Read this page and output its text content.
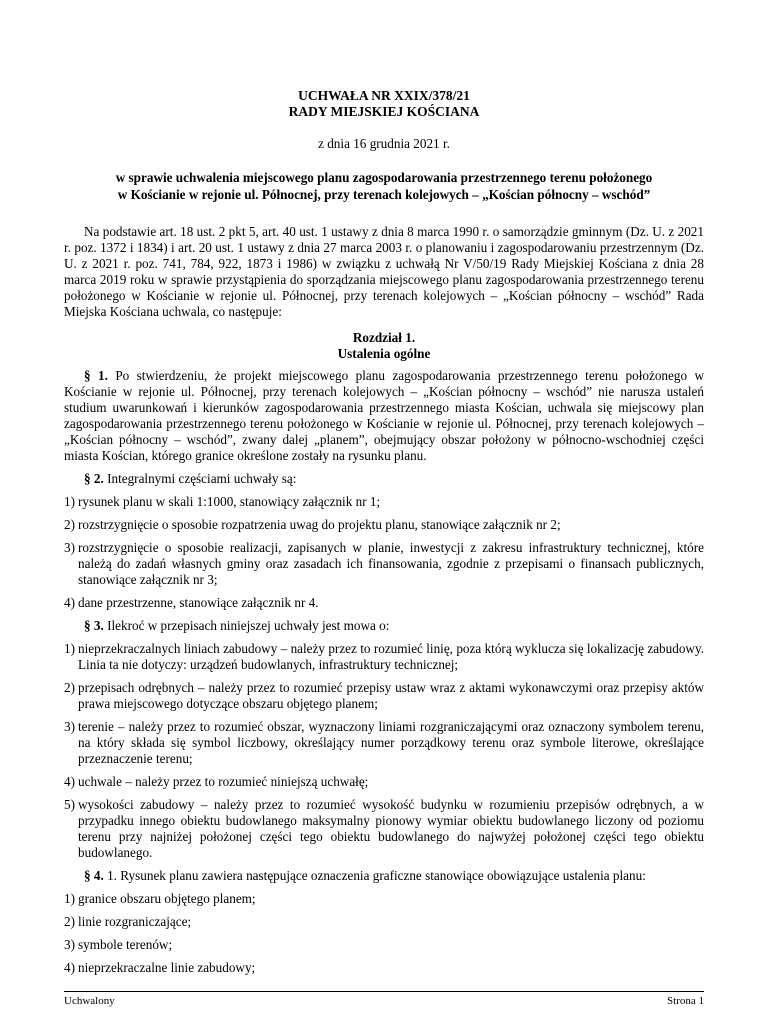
UCHWAŁA NR XXIX/378/21
RADY MIEJSKIEJ KOŚCIANA
z dnia 16 grudnia 2021 r.
w sprawie uchwalenia miejscowego planu zagospodarowania przestrzennego terenu położonego
w Kościanie w rejonie ul. Północnej, przy terenach kolejowych – „Kościan północny – wschód”
Na podstawie art. 18 ust. 2 pkt 5, art. 40 ust. 1 ustawy z dnia 8 marca 1990 r. o samorządzie gminnym (Dz. U. z 2021 r. poz. 1372 i 1834) i art. 20 ust. 1 ustawy z dnia 27 marca 2003 r. o planowaniu i zagospodarowaniu przestrzennym (Dz. U. z 2021 r. poz. 741, 784, 922, 1873 i 1986) w związku z uchwałą Nr V/50/19 Rady Miejskiej Kościana z dnia 28 marca 2019 roku w sprawie przystąpienia do sporządzania miejscowego planu zagospodarowania przestrzennego terenu położonego w Kościanie w rejonie ul. Północnej, przy terenach kolejowych – „Kościan północny – wschód” Rada Miejska Kościana uchwala, co następuje:
Rozdział 1.
Ustalenia ogólne
§ 1. Po stwierdzeniu, że projekt miejscowego planu zagospodarowania przestrzennego terenu położonego w Kościanie w rejonie ul. Północnej, przy terenach kolejowych – „Kościan północny – wschód” nie narusza ustaleń studium uwarunkowań i kierunków zagospodarowania przestrzennego miasta Kościan, uchwala się miejscowy plan zagospodarowania przestrzennego terenu położonego w Kościanie w rejonie ul. Północnej, przy terenach kolejowych – „Kościan północny – wschód”, zwany dalej „planem”, obejmujący obszar położony w północno-wschodniej części miasta Kościan, którego granice określone zostały na rysunku planu.
§ 2. Integralnymi częściami uchwały są:
1) rysunek planu w skali 1:1000, stanowiący załącznik nr 1;
2) rozstrzygnięcie o sposobie rozpatrzenia uwag do projektu planu, stanowiące załącznik nr 2;
3) rozstrzygnięcie o sposobie realizacji, zapisanych w planie, inwestycji z zakresu infrastruktury technicznej, które należą do zadań własnych gminy oraz zasadach ich finansowania, zgodnie z przepisami o finansach publicznych, stanowiące załącznik nr 3;
4) dane przestrzenne, stanowiące załącznik nr 4.
§ 3. Ilekroć w przepisach niniejszej uchwały jest mowa o:
1) nieprzekraczalnych liniach zabudowy – należy przez to rozumieć linię, poza którą wyklucza się lokalizację zabudowy. Linia ta nie dotyczy: urządzeń budowlanych, infrastruktury technicznej;
2) przepisach odrębnych – należy przez to rozumieć przepisy ustaw wraz z aktami wykonawczymi oraz przepisy aktów prawa miejscowego dotyczące obszaru objętego planem;
3) terenie – należy przez to rozumieć obszar, wyznaczony liniami rozgraniczającymi oraz oznaczony symbolem terenu, na który składa się symbol liczbowy, określający numer porządkowy terenu oraz symbole literowe, określające przeznaczenie terenu;
4) uchwale – należy przez to rozumieć niniejszą uchwałę;
5) wysokości zabudowy – należy przez to rozumieć wysokość budynku w rozumieniu przepisów odrębnych, a w przypadku innego obiektu budowlanego maksymalny pionowy wymiar obiektu budowlanego liczony od poziomu terenu przy najniżej położonej części tego obiektu budowlanego do najwyżej położonej części tego obiektu budowlanego.
§ 4. 1. Rysunek planu zawiera następujące oznaczenia graficzne stanowiące obowiązujące ustalenia planu:
1) granice obszaru objętego planem;
2) linie rozgraniczające;
3) symbole terenów;
4) nieprzekraczalne linie zabudowy;
Uchwalony	Strona 1
